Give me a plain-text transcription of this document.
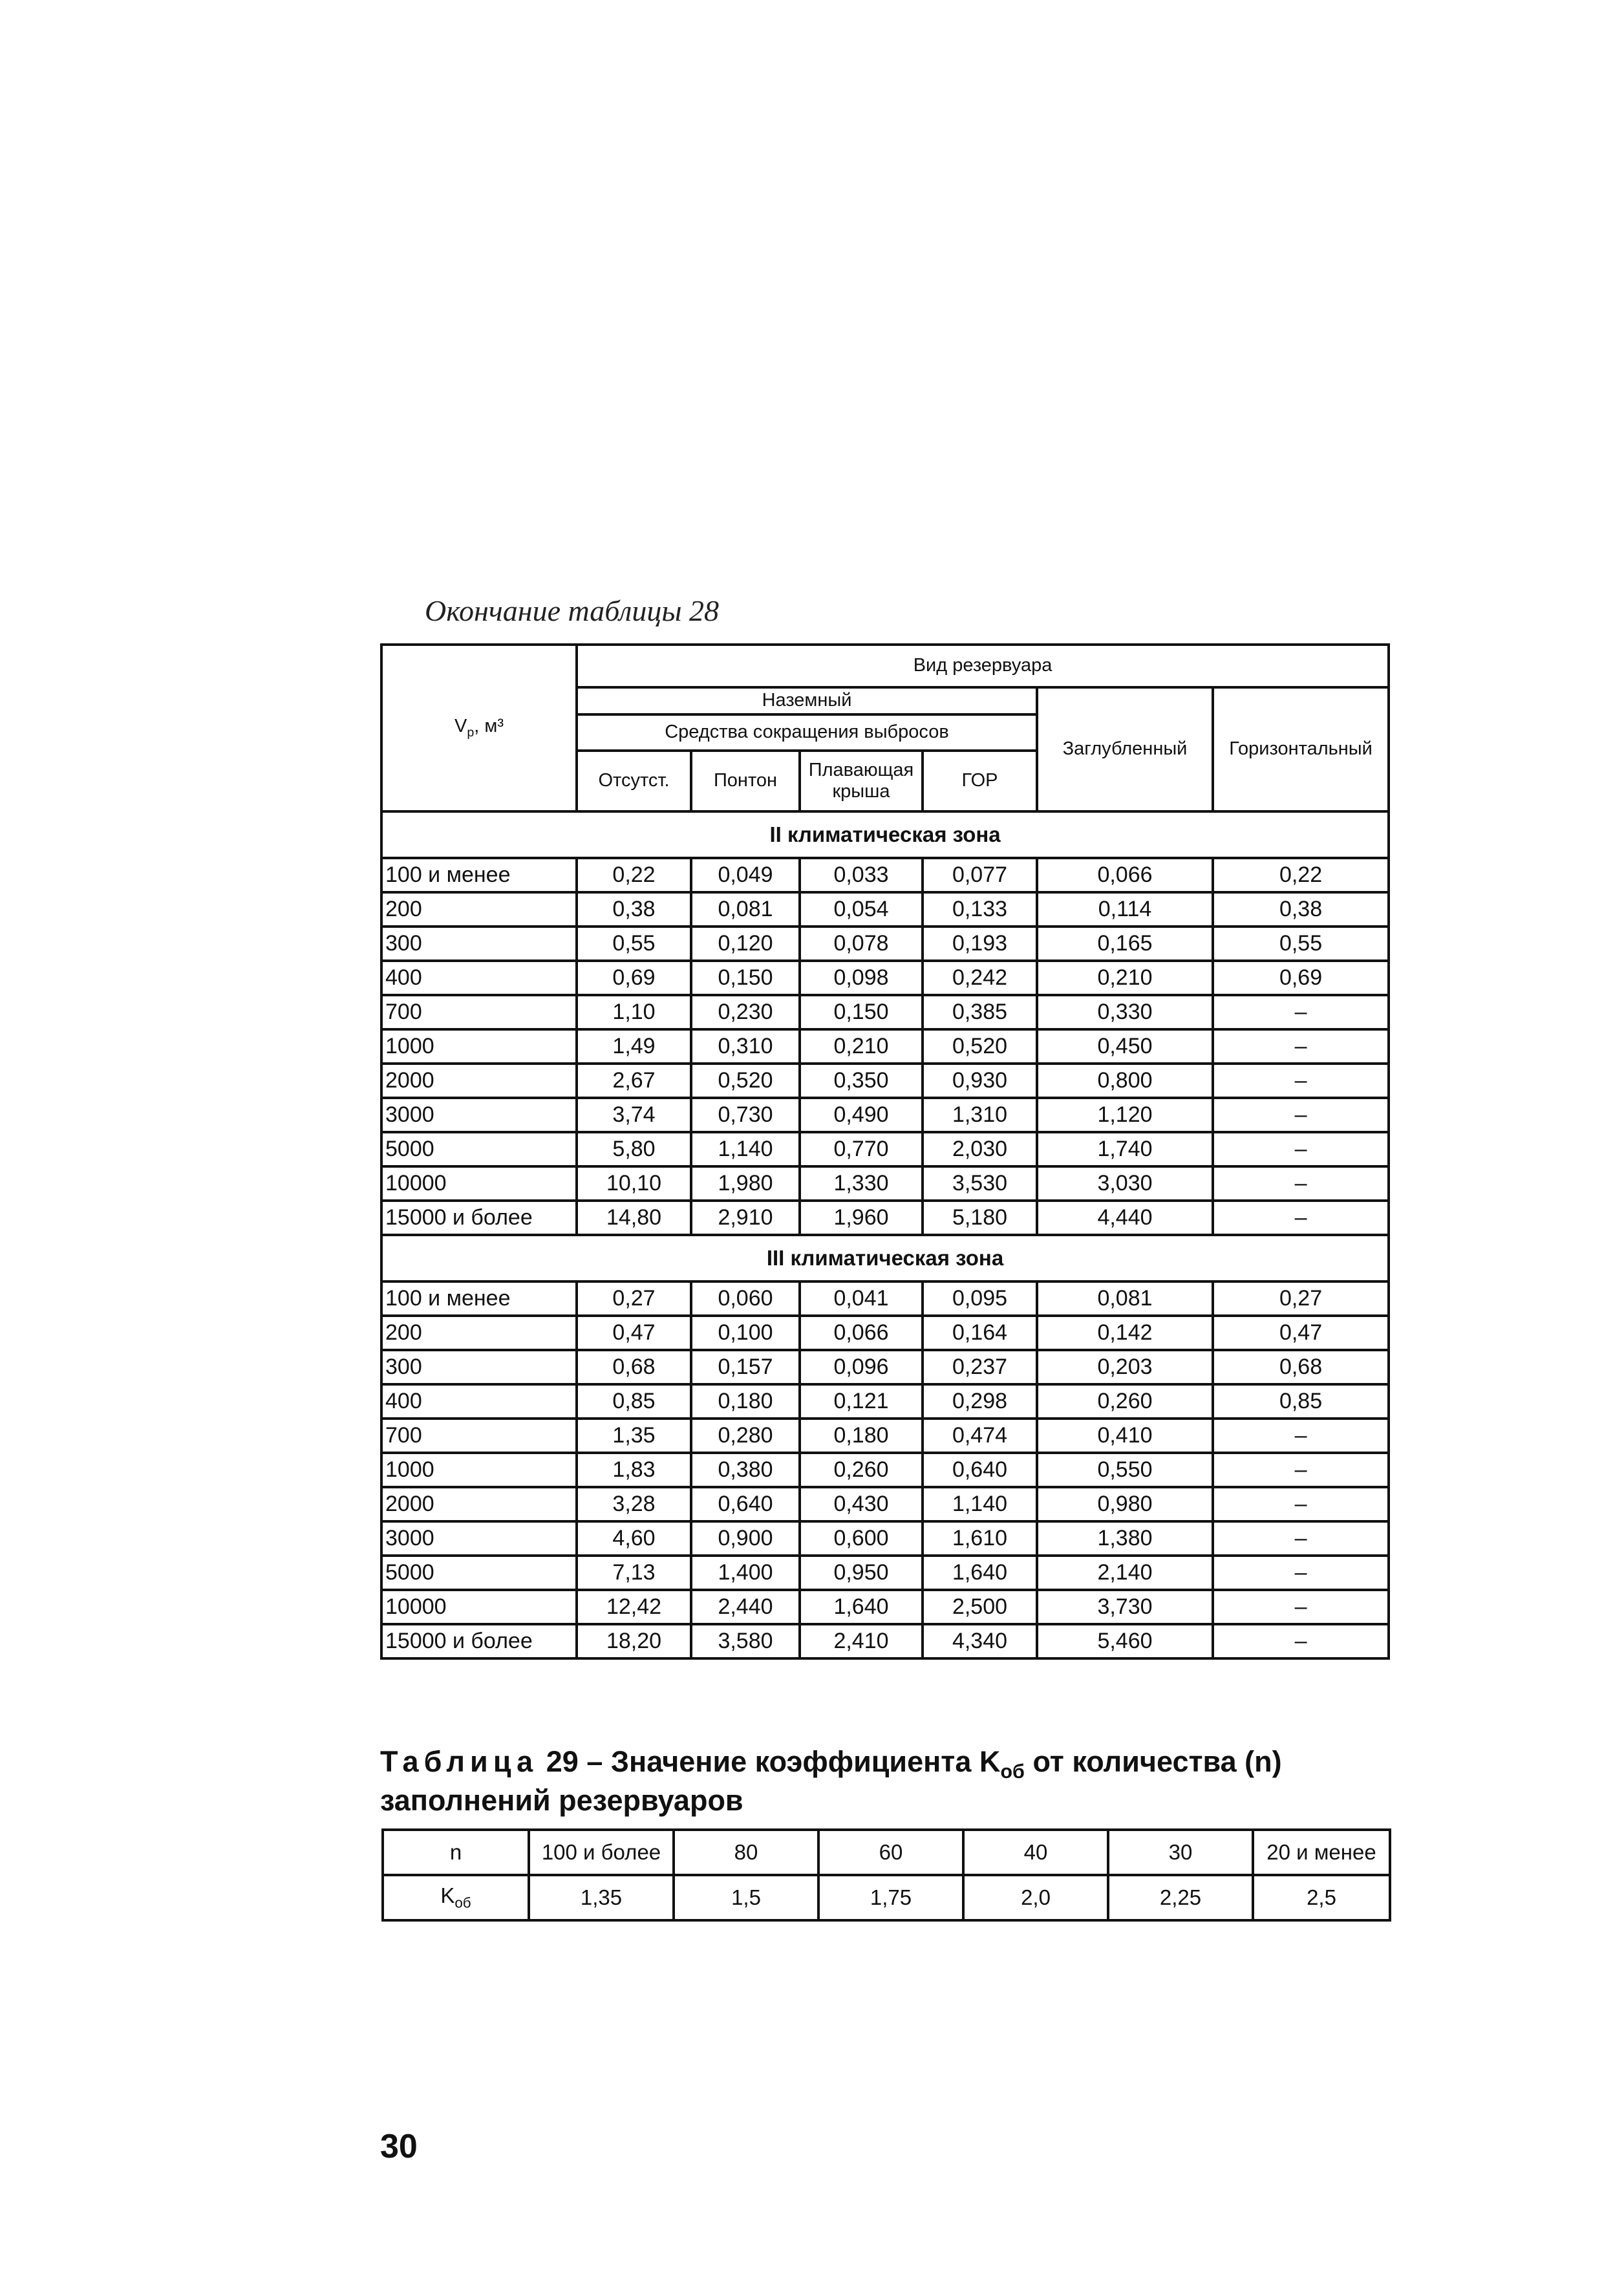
Окончание таблицы 28
$V_р$, м³	Вид резервуара					
	Наземный				Заглубленный	Горизонтальный
	Средства сокращения выбросов					
	Отсутст.	Понтон	Плавающая крыша	ГОР		
II климатическая зона						
100 и менее	0,22	0,049	0,033	0,077	0,066	0,22
200	0,38	0,081	0,054	0,133	0,114	0,38
300	0,55	0,120	0,078	0,193	0,165	0,55
400	0,69	0,150	0,098	0,242	0,210	0,69
700	1,10	0,230	0,150	0,385	0,330	–
1000	1,49	0,310	0,210	0,520	0,450	–
2000	2,67	0,520	0,350	0,930	0,800	–
3000	3,74	0,730	0,490	1,310	1,120	–
5000	5,80	1,140	0,770	2,030	1,740	–
10000	10,10	1,980	1,330	3,530	3,030	–
15000 и более	14,80	2,910	1,960	5,180	4,440	–
III климатическая зона						
100 и менее	0,27	0,060	0,041	0,095	0,081	0,27
200	0,47	0,100	0,066	0,164	0,142	0,47
300	0,68	0,157	0,096	0,237	0,203	0,68
400	0,85	0,180	0,121	0,298	0,260	0,85
700	1,35	0,280	0,180	0,474	0,410	–
1000	1,83	0,380	0,260	0,640	0,550	–
2000	3,28	0,640	0,430	1,140	0,980	–
3000	4,60	0,900	0,600	1,610	1,380	–
5000	7,13	1,400	0,950	1,640	2,140	–
10000	12,42	2,440	1,640	2,500	3,730	–
15000 и более	18,20	3,580	2,410	4,340	5,460	–
Таблица 29 – Значение коэффициента $K_{об}$ от количества (n)
заполнений резервуаров
n	100 и более	80	60	40	30	20 и менее
$K_{об}$	1,35	1,5	1,75	2,0	2,25	2,5
30
